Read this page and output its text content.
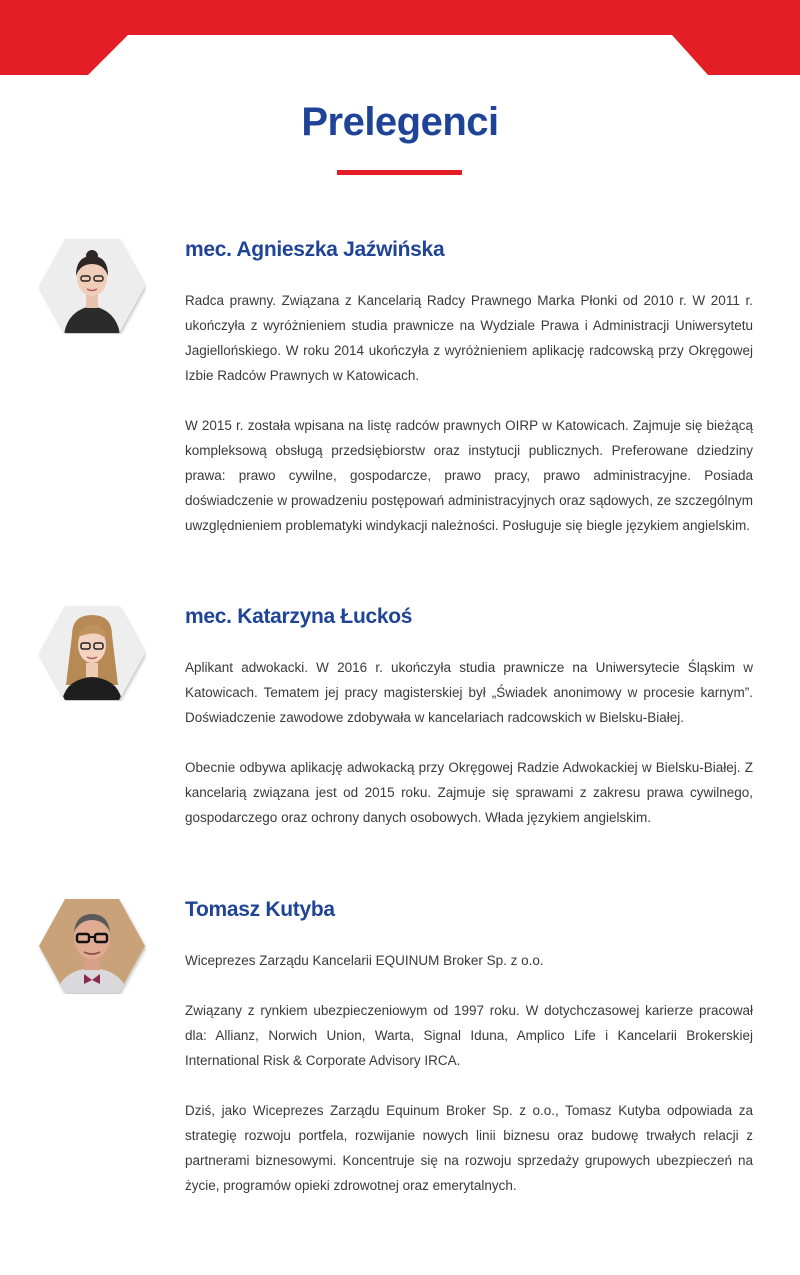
Prelegenci
mec. Agnieszka Jaźwińska

Radca prawny. Związana z Kancelarią Radcy Prawnego Marka Płonki od 2010 r. W 2011 r. ukończyła z wyróżnieniem studia prawnicze na Wydziale Prawa i Administracji Uniwersytetu Jagiellońskiego. W roku 2014 ukończyła z wyróżnieniem aplikację radcowską przy Okręgowej Izbie Radców Prawnych w Katowicach.

W 2015 r. została wpisana na listę radców prawnych OIRP w Katowicach. Zajmuje się bieżącą kompleksową obsługą przedsiębiorstw oraz instytucji publicznych. Preferowane dziedziny prawa: prawo cywilne, gospodarcze, prawo pracy, prawo administracyjne. Posiada doświadczenie w prowadzeniu postępowań administracyjnych oraz sądowych, ze szczególnym uwzględnieniem problematyki windykacji należności. Posługuje się biegle językiem angielskim.

mec. Katarzyna Łuckoś

Aplikant adwokacki. W 2016 r. ukończyła studia prawnicze na Uniwersytecie Śląskim w Katowicach. Tematem jej pracy magisterskiej był „Świadek anonimowy w procesie karnym”. Doświadczenie zawodowe zdobywała w kancelariach radcowskich w Bielsku-Białej.

Obecnie odbywa aplikację adwokacką przy Okręgowej Radzie Adwokackiej w Bielsku-Białej. Z kancelarią związana jest od 2015 roku. Zajmuje się sprawami z zakresu prawa cywilnego, gospodarczego oraz ochrony danych osobowych. Włada językiem angielskim.

Tomasz Kutyba

Wiceprezes Zarządu Kancelarii EQUINUM Broker Sp. z o.o.

Związany z rynkiem ubezpieczeniowym od 1997 roku. W dotychczasowej karierze pracował dla: Allianz, Norwich Union, Warta, Signal Iduna, Amplico Life i Kancelarii Brokerskiej International Risk & Corporate Advisory IRCA.

Dziś, jako Wiceprezes Zarządu Equinum Broker Sp. z o.o., Tomasz Kutyba odpowiada za strategię rozwoju portfela, rozwijanie nowych linii biznesu oraz budowę trwałych relacji z partnerami biznesowymi. Koncentruje się na rozwoju sprzedaży grupowych ubezpieczeń na życie, programów opieki zdrowotnej oraz emerytalnych.
